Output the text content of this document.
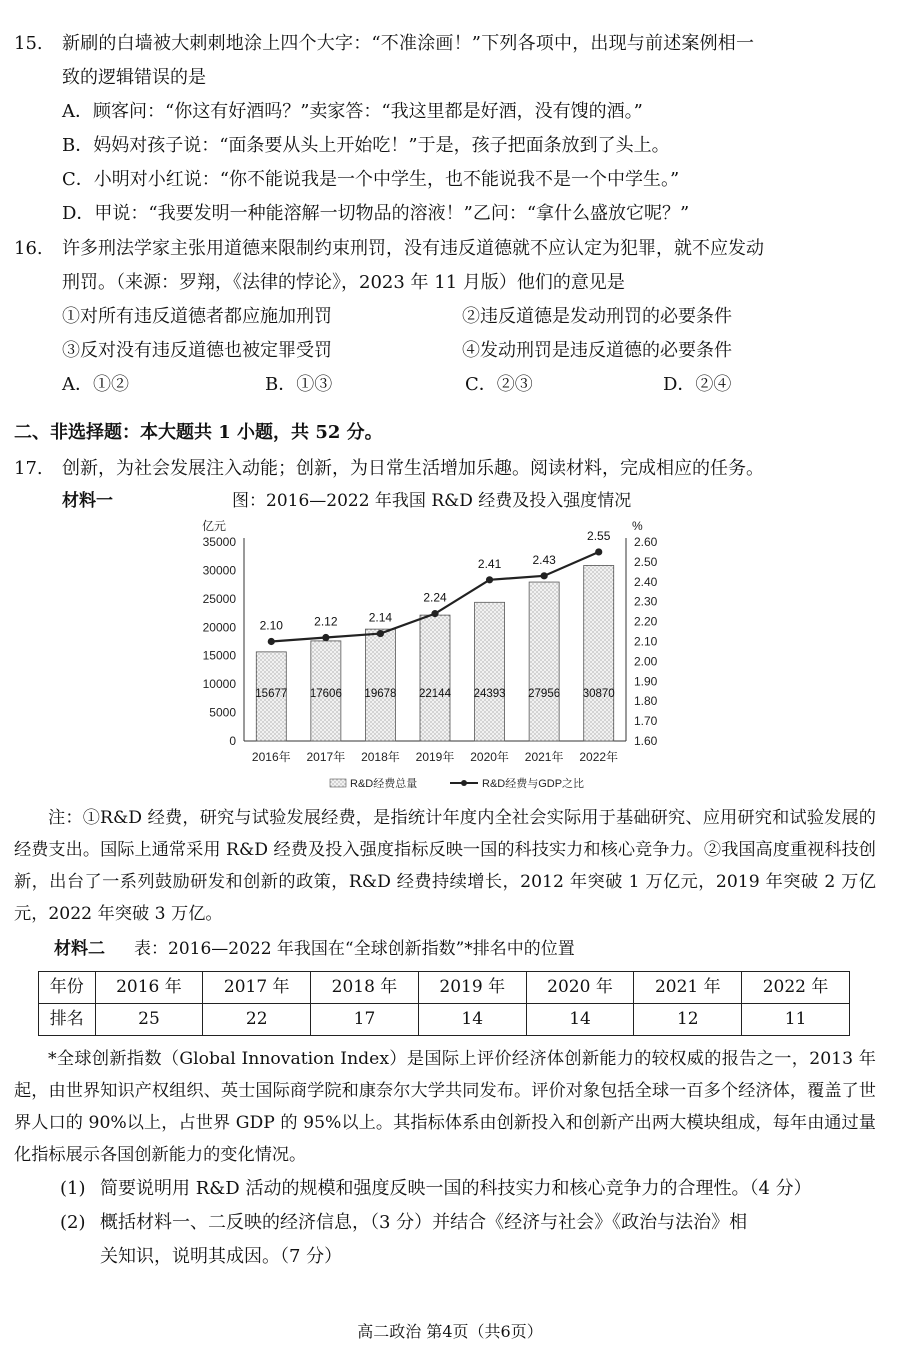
15. 新刷的白墙被大刺刺地涂上四个大字：“不准涂画！”下列各项中，出现与前述案例相一
致的逻辑错误的是
A．顾客问：“你这有好酒吗？”卖家答：“我这里都是好酒，没有馊的酒。”
B．妈妈对孩子说：“面条要从头上开始吃！”于是，孩子把面条放到了头上。
C．小明对小红说：“你不能说我是一个中学生，也不能说我不是一个中学生。”
D．甲说：“我要发明一种能溶解一切物品的溶液！”乙问：“拿什么盛放它呢？”
16. 许多刑法学家主张用道德来限制约束刑罚，没有违反道德就不应认定为犯罪，就不应发动
刑罚。（来源：罗翔，《法律的悖论》，2023 年 11 月版）他们的意见是
①对所有违反道德者都应施加刑罚	②违反道德是发动刑罚的必要条件
③反对没有违反道德也被定罪受罚	④发动刑罚是违反道德的必要条件
A．①②	B．①③	C．②③	D．②④
二、非选择题：本大题共 1 小题，共 52 分。
17. 创新，为社会发展注入动能；创新，为日常生活增加乐趣。阅读材料，完成相应的任务。
材料一	图：2016—2022 年我国 R&D 经费及投入强度情况
亿元	%
0
5000
10000
15000
20000
25000
30000
35000
1.60
1.70
1.80
1.90
2.00
2.10
2.20
2.30
2.40
2.50
2.60
15677 17606 19678 22144 24393 27956 30870
2016年 2017年 2018年 2019年 2020年 2021年 2022年
2.10	2.12	2.14
2.24
2.41	2.43
2.55
R&D经费总量	R&D经费与GDP之比
注：①R&D 经费，研究与试验发展经费，是指统计年度内全社会实际用于基础研究、应用研究和试验发展的经费支出。国际上通常采用 R&D 经费及投入强度指标反映一国的科技实力和核心竞争力。②我国高度重视科技创新，出台了一系列鼓励研发和创新的政策，R&D 经费持续增长，2012 年突破 1 万亿元，2019 年突破 2 万亿元，2022 年突破 3 万亿。
材料二 表：2016—2022 年我国在“全球创新指数”*排名中的位置
年份	2016 年	2017 年	2018 年	2019 年	2020 年	2021 年	2022 年
排名	25	22	17	14	14	12	11
*全球创新指数（Global Innovation Index）是国际上评价经济体创新能力的较权威的报告之一，2013 年起，由世界知识产权组织、英士国际商学院和康奈尔大学共同发布。评价对象包括全球一百多个经济体，覆盖了世界人口的 90%以上，占世界 GDP 的 95%以上。其指标体系由创新投入和创新产出两大模块组成，每年由通过量化指标展示各国创新能力的变化情况。
(1) 简要说明用 R&D 活动的规模和强度反映一国的科技实力和核心竞争力的合理性。（4 分）
(2) 概括材料一、二反映的经济信息，（3 分）并结合《经济与社会》《政治与法治》相
关知识，说明其成因。（7 分）
高二政治 第4页（共6页）
